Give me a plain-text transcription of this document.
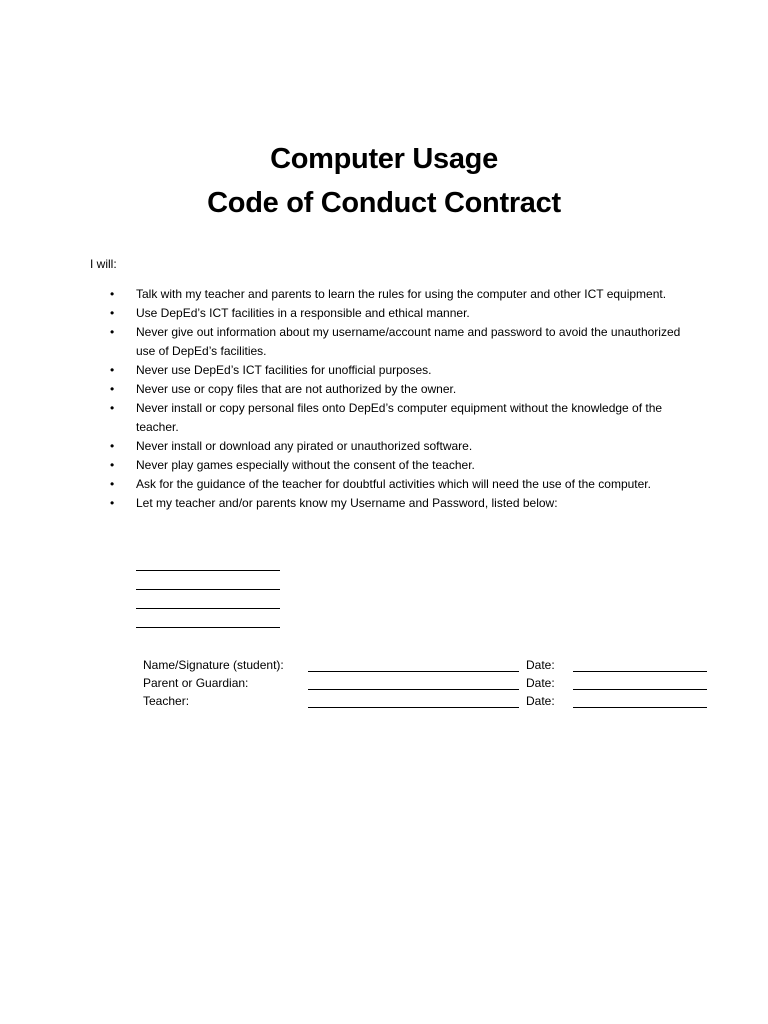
Computer Usage
Code of Conduct Contract
I will:
• Talk with my teacher and parents to learn the rules for using the computer and other ICT equipment.
• Use DepEd’s ICT facilities in a responsible and ethical manner.
• Never give out information about my username/account name and password to avoid the unauthorized use of DepEd’s facilities.
• Never use DepEd’s ICT facilities for unofficial purposes.
• Never use or copy files that are not authorized by the owner.
• Never install or copy personal files onto DepEd’s computer equipment without the knowledge of the teacher.
• Never install or download any pirated or unauthorized software.
• Never play games especially without the consent of the teacher.
• Ask for the guidance of the teacher for doubtful activities which will need the use of the computer.
• Let my teacher and/or parents know my Username and Password, listed below:
Name/Signature (student):	Date:
Parent or Guardian:	Date:
Teacher:	Date:
